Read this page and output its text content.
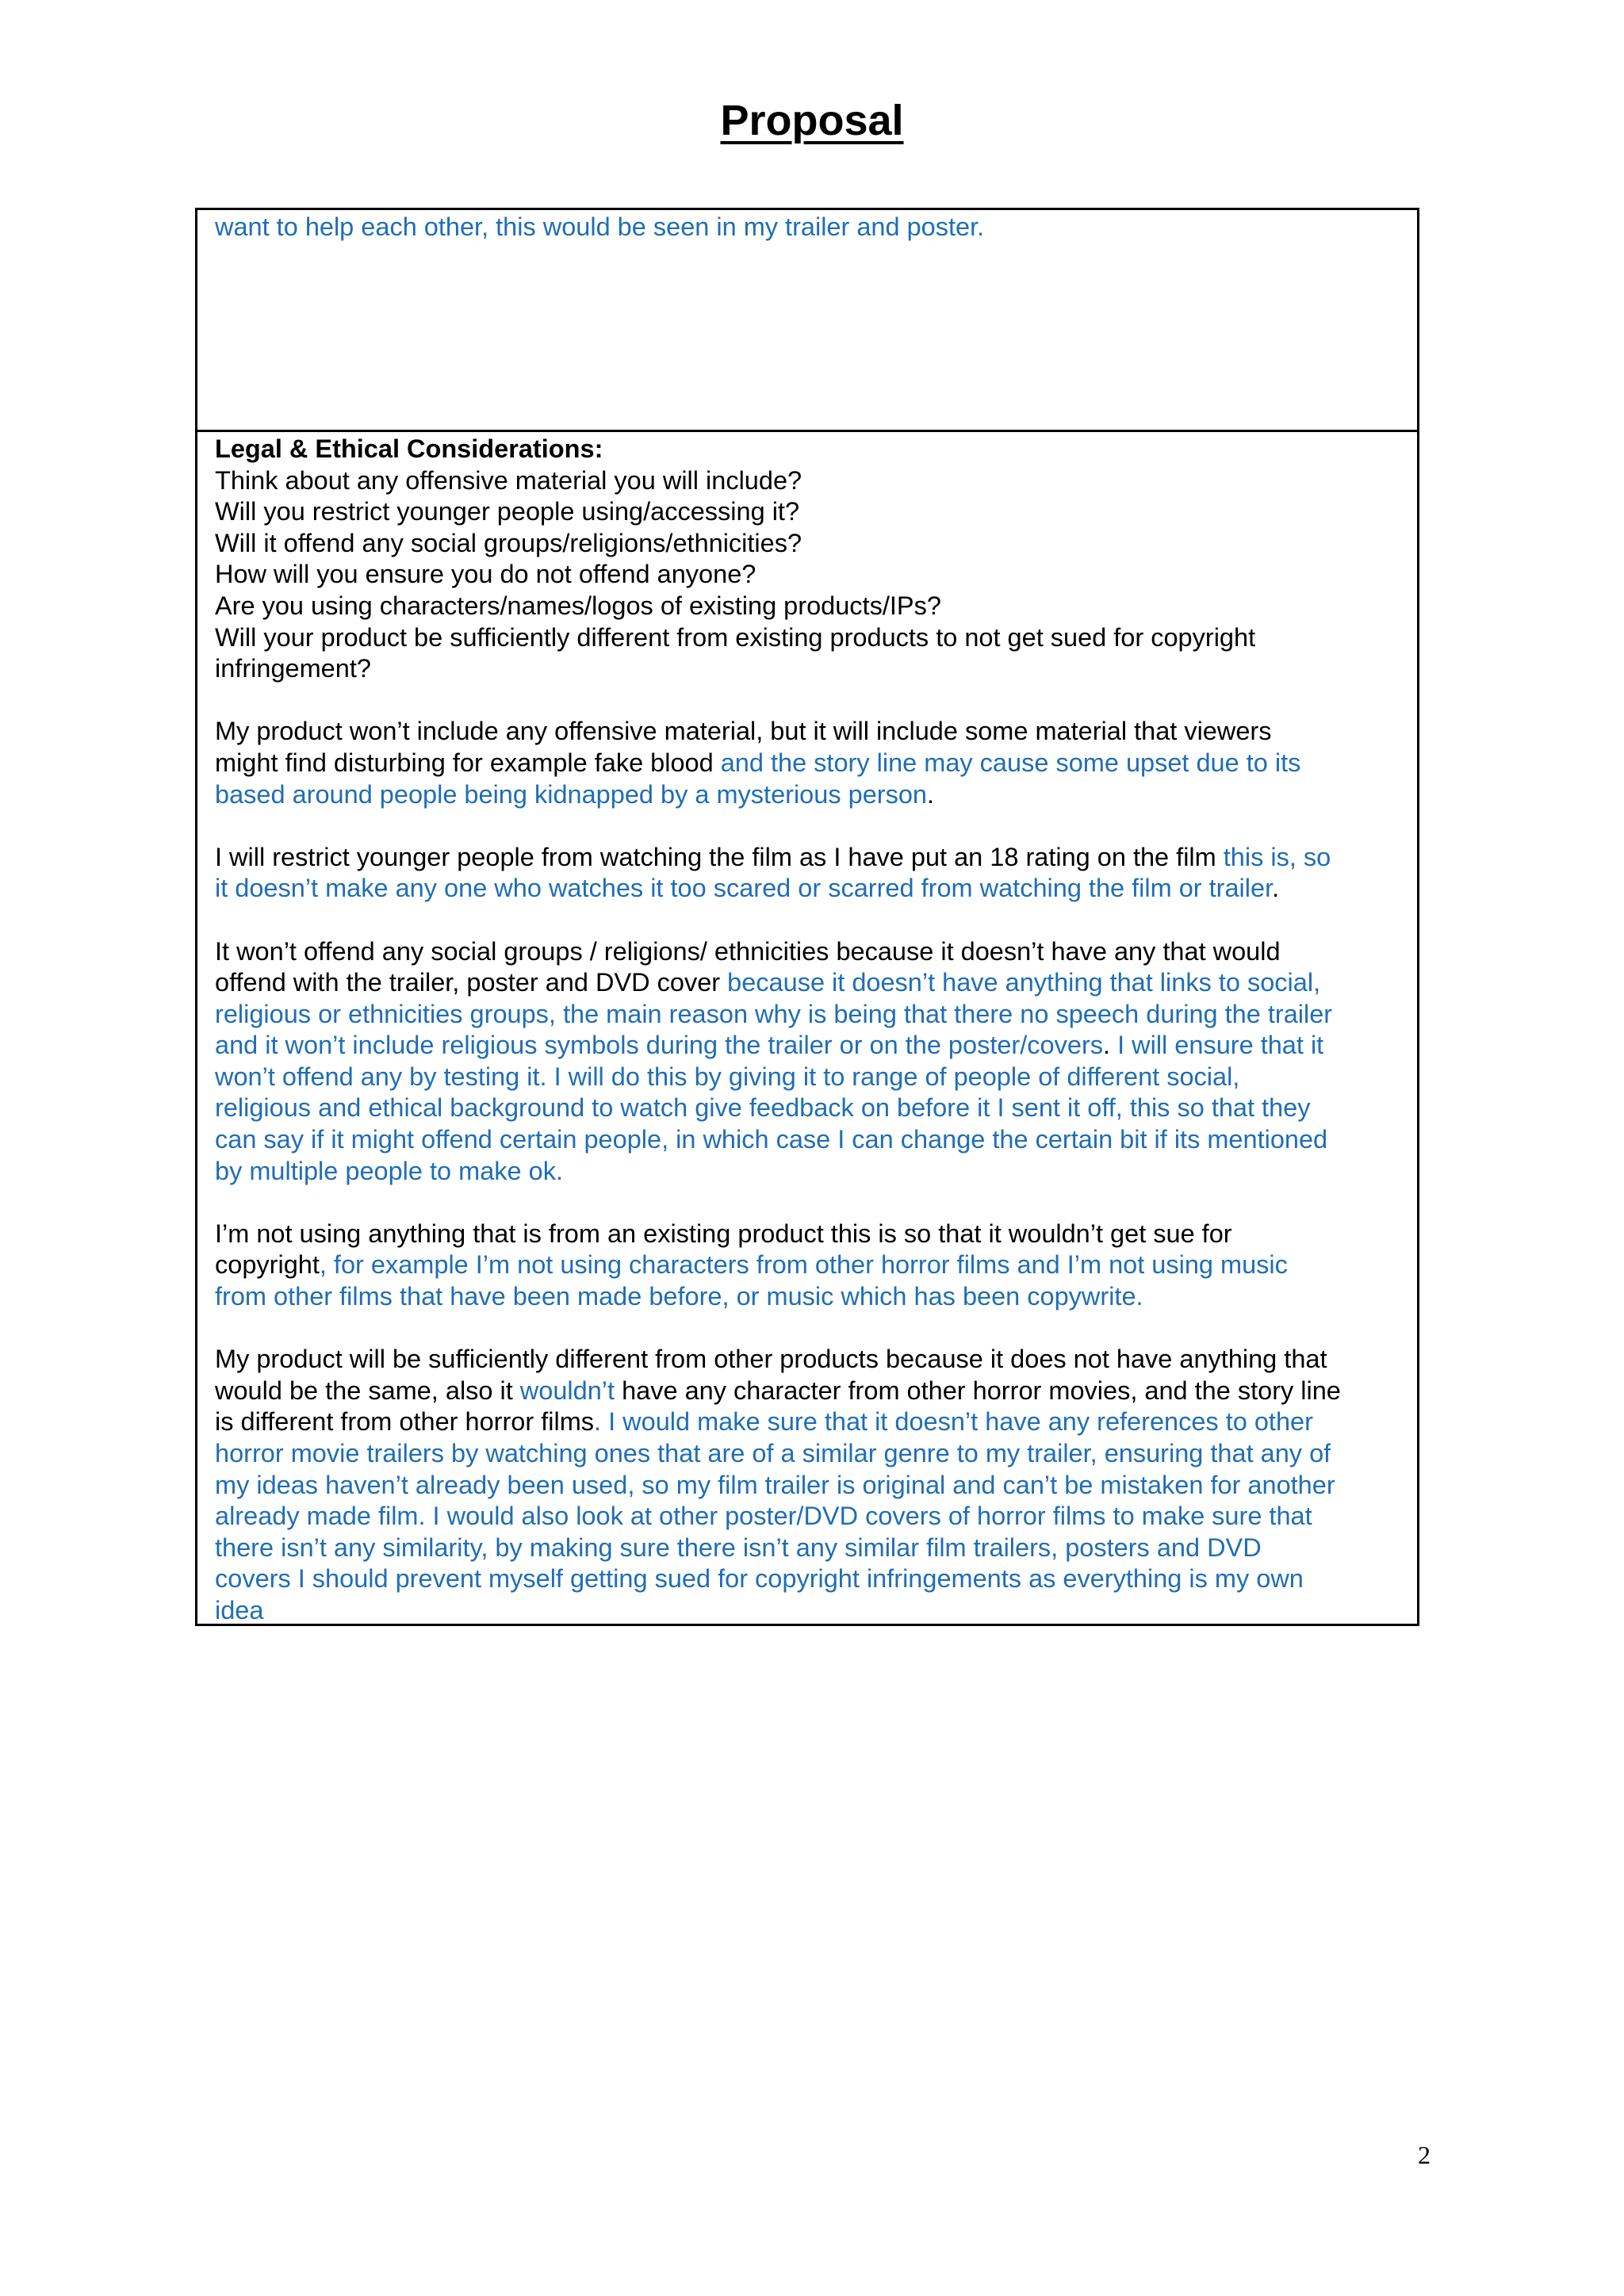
Proposal
want to help each other, this would be seen in my trailer and poster.
Legal & Ethical Considerations:
Think about any offensive material you will include?
Will you restrict younger people using/accessing it?
Will it offend any social groups/religions/ethnicities?
How will you ensure you do not offend anyone?
Are you using characters/names/logos of existing products/IPs?
Will your product be sufficiently different from existing products to not get sued for copyright
infringement?
My product won’t include any offensive material, but it will include some material that viewers
might find disturbing for example fake blood and the story line may cause some upset due to its
based around people being kidnapped by a mysterious person.
I will restrict younger people from watching the film as I have put an 18 rating on the film this is, so
it doesn’t make any one who watches it too scared or scarred from watching the film or trailer.
It won’t offend any social groups / religions/ ethnicities because it doesn’t have any that would
offend with the trailer, poster and DVD cover because it doesn’t have anything that links to social,
religious or ethnicities groups, the main reason why is being that there no speech during the trailer
and it won’t include religious symbols during the trailer or on the poster/covers. I will ensure that it
won’t offend any by testing it. I will do this by giving it to range of people of different social,
religious and ethical background to watch give feedback on before it I sent it off, this so that they
can say if it might offend certain people, in which case I can change the certain bit if its mentioned
by multiple people to make ok.
I’m not using anything that is from an existing product this is so that it wouldn’t get sue for
copyright, for example I’m not using characters from other horror films and I’m not using music
from other films that have been made before, or music which has been copywrite.
My product will be sufficiently different from other products because it does not have anything that
would be the same, also it wouldn’t have any character from other horror movies, and the story line
is different from other horror films. I would make sure that it doesn’t have any references to other
horror movie trailers by watching ones that are of a similar genre to my trailer, ensuring that any of
my ideas haven’t already been used, so my film trailer is original and can’t be mistaken for another
already made film. I would also look at other poster/DVD covers of horror films to make sure that
there isn’t any similarity, by making sure there isn’t any similar film trailers, posters and DVD
covers I should prevent myself getting sued for copyright infringements as everything is my own
idea
2
